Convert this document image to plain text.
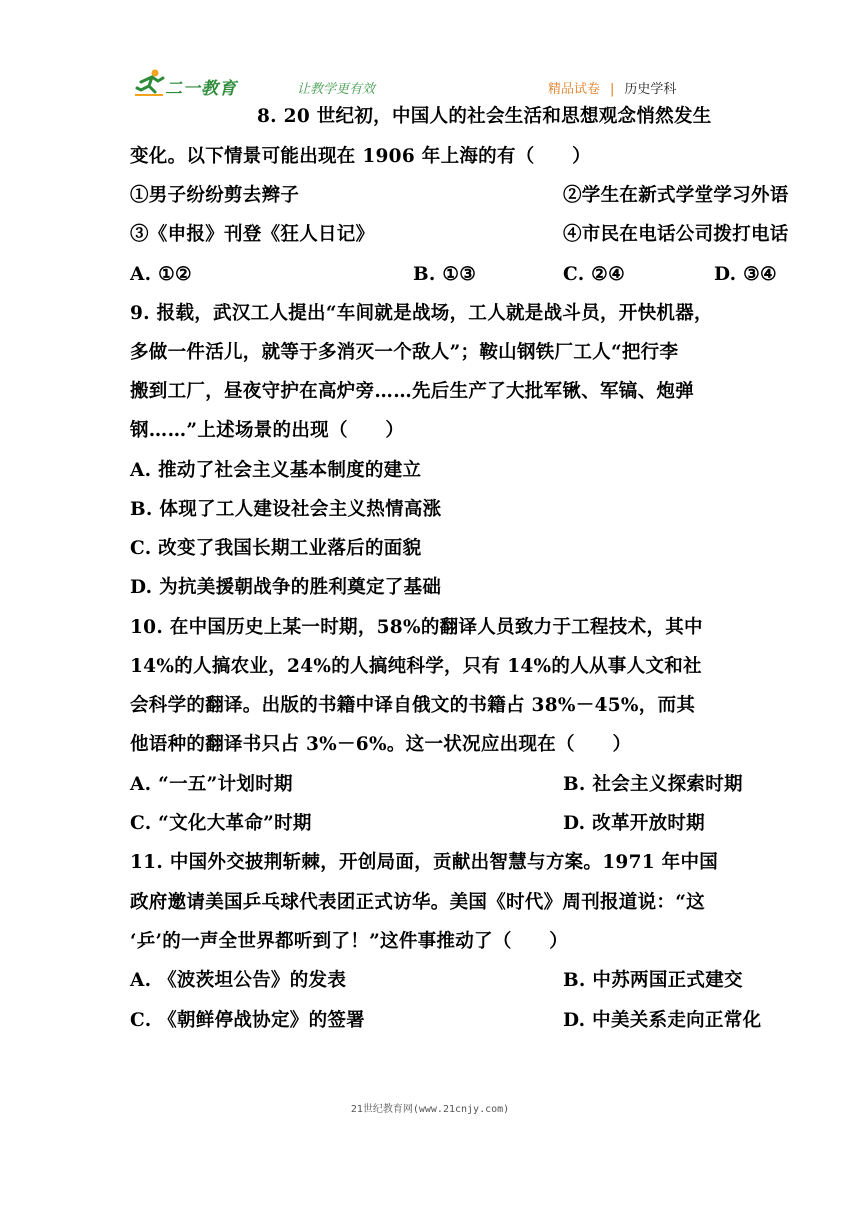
二一教育	让教学更有效	精品试卷 | 历史学科
8. 20 世纪初，中国人的社会生活和思想观念悄然发生
变化。以下情景可能出现在 1906 年上海的有（　　）
①男子纷纷剪去辫子	②学生在新式学堂学习外语
③《申报》刊登《狂人日记》	④市民在电话公司拨打电话
A. ①②	B. ①③	C. ②④	D. ③④
9. 报载，武汉工人提出“车间就是战场，工人就是战斗员，开快机器，
多做一件活儿，就等于多消灭一个敌人”；鞍山钢铁厂工人“把行李
搬到工厂，昼夜守护在高炉旁……先后生产了大批军锹、军镐、炮弹
钢……”上述场景的出现（　　）
A. 推动了社会主义基本制度的建立
B. 体现了工人建设社会主义热情高涨
C. 改变了我国长期工业落后的面貌
D. 为抗美援朝战争的胜利奠定了基础
10. 在中国历史上某一时期，58%的翻译人员致力于工程技术，其中
14%的人搞农业，24%的人搞纯科学，只有 14%的人从事人文和社
会科学的翻译。出版的书籍中译自俄文的书籍占 38%－45%，而其
他语种的翻译书只占 3%－6%。这一状况应出现在（　　）
A. “一五”计划时期	B. 社会主义探索时期
C. “文化大革命”时期	D. 改革开放时期
11. 中国外交披荆斩棘，开创局面，贡献出智慧与方案。1971 年中国
政府邀请美国乒乓球代表团正式访华。美国《时代》周刊报道说：“这
‘乒’的一声全世界都听到了！”这件事推动了（　　）
A. 《波茨坦公告》的发表	B. 中苏两国正式建交
C. 《朝鲜停战协定》的签署	D. 中美关系走向正常化
21世纪教育网(www.21cnjy.com)
